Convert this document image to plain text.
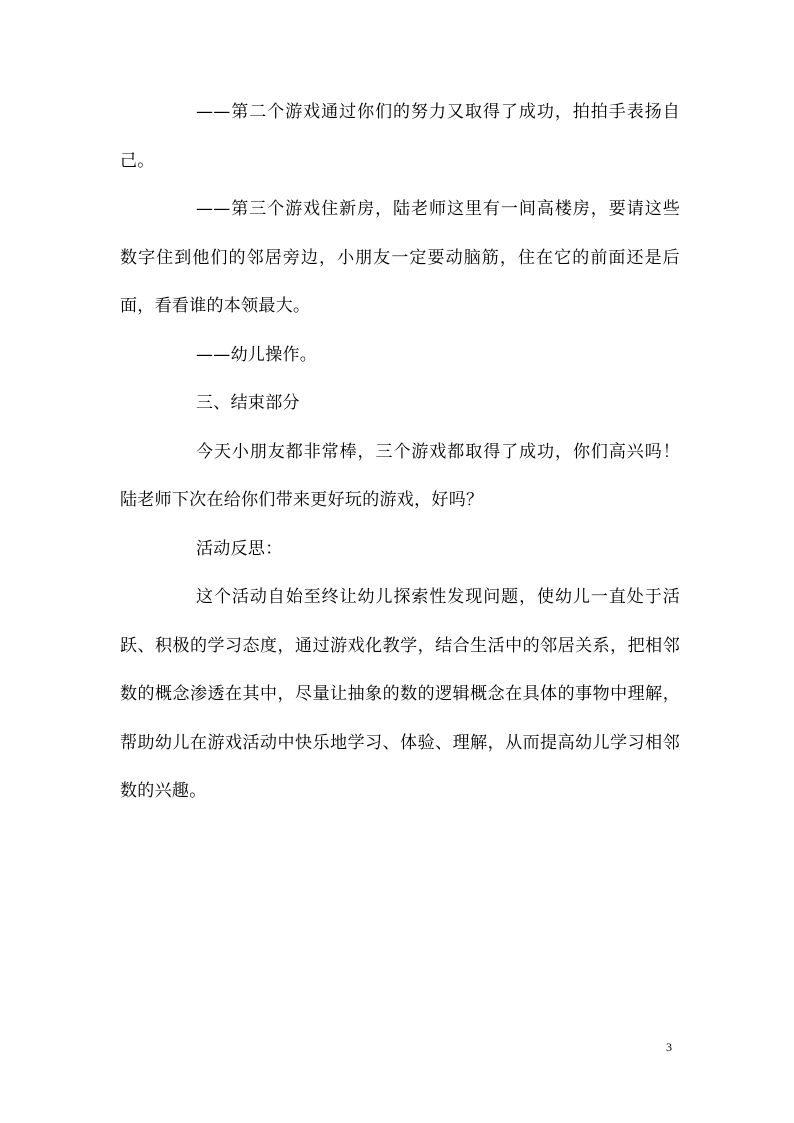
——第二个游戏通过你们的努力又取得了成功，拍拍手表扬自己。

——第三个游戏住新房，陆老师这里有一间高楼房，要请这些数字住到他们的邻居旁边，小朋友一定要动脑筋，住在它的前面还是后面，看看谁的本领最大。

——幼儿操作。

三、结束部分

今天小朋友都非常棒，三个游戏都取得了成功，你们高兴吗！陆老师下次在给你们带来更好玩的游戏，好吗？

活动反思：

这个活动自始至终让幼儿探索性发现问题，使幼儿一直处于活跃、积极的学习态度，通过游戏化教学，结合生活中的邻居关系，把相邻数的概念渗透在其中，尽量让抽象的数的逻辑概念在具体的事物中理解，帮助幼儿在游戏活动中快乐地学习、体验、理解，从而提高幼儿学习相邻数的兴趣。

3
